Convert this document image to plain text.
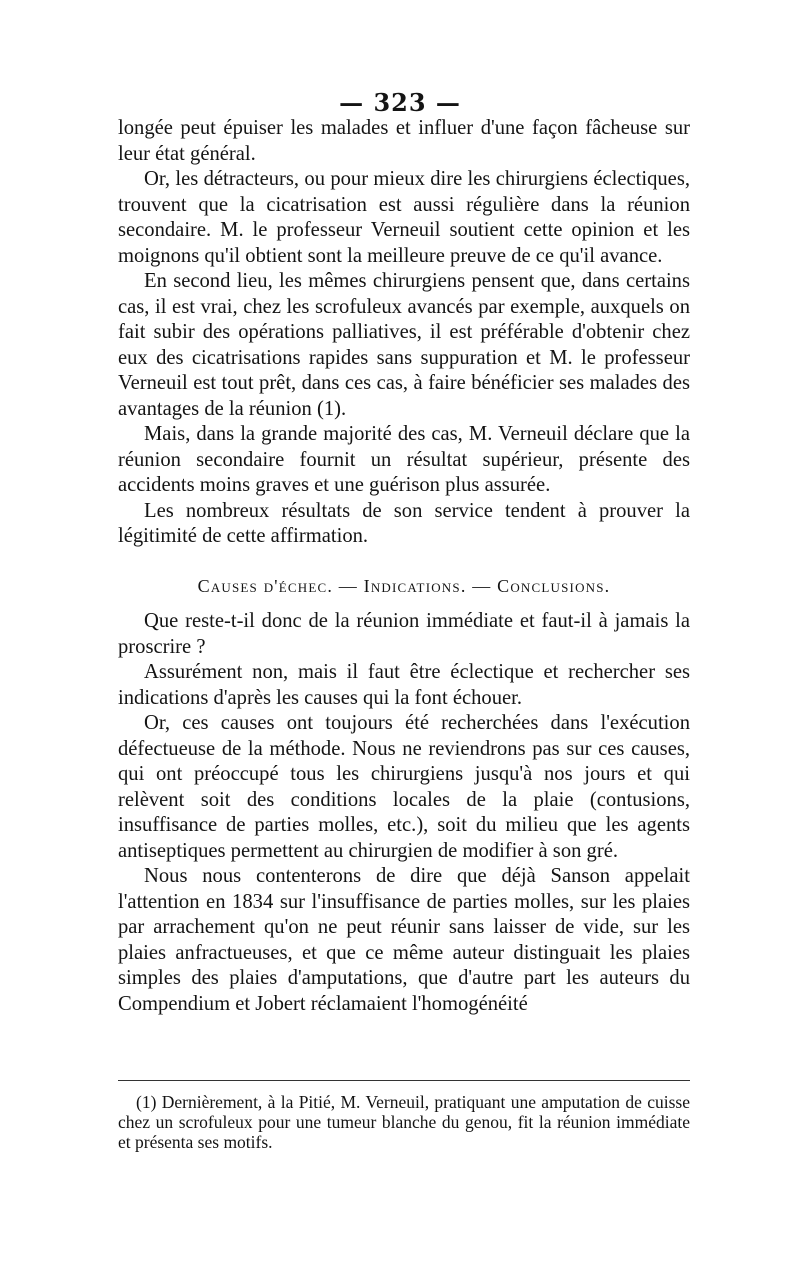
— 323 —

longée peut épuiser les malades et influer d'une façon fâcheuse sur leur état général.

Or, les détracteurs, ou pour mieux dire les chirurgiens éclectiques, trouvent que la cicatrisation est aussi régulière dans la réunion secondaire. M. le professeur Verneuil soutient cette opinion et les moignons qu'il obtient sont la meilleure preuve de ce qu'il avance.

En second lieu, les mêmes chirurgiens pensent que, dans certains cas, il est vrai, chez les scrofuleux avancés par exemple, auxquels on fait subir des opérations palliatives, il est préférable d'obtenir chez eux des cicatrisations rapides sans suppuration et M. le professeur Verneuil est tout prêt, dans ces cas, à faire bénéficier ses malades des avantages de la réunion (1).

Mais, dans la grande majorité des cas, M. Verneuil déclare que la réunion secondaire fournit un résultat supérieur, présente des accidents moins graves et une guérison plus assurée.

Les nombreux résultats de son service tendent à prouver la légitimité de cette affirmation.

Causes d'échec. — Indications. — Conclusions.

Que reste-t-il donc de la réunion immédiate et faut-il à jamais la proscrire ?

Assurément non, mais il faut être éclectique et rechercher ses indications d'après les causes qui la font échouer.

Or, ces causes ont toujours été recherchées dans l'exécution défectueuse de la méthode. Nous ne reviendrons pas sur ces causes, qui ont préoccupé tous les chirurgiens jusqu'à nos jours et qui relèvent soit des conditions locales de la plaie (contusions, insuffisance de parties molles, etc.), soit du milieu que les agents antiseptiques permettent au chirurgien de modifier à son gré.

Nous nous contenterons de dire que déjà Sanson appelait l'attention en 1834 sur l'insuffisance de parties molles, sur les plaies par arrachement qu'on ne peut réunir sans laisser de vide, sur les plaies anfractueuses, et que ce même auteur distinguait les plaies simples des plaies d'amputations, que d'autre part les auteurs du Compendium et Jobert réclamaient l'homogénéité

(1) Dernièrement, à la Pitié, M. Verneuil, pratiquant une amputation de cuisse chez un scrofuleux pour une tumeur blanche du genou, fit la réunion immédiate et présenta ses motifs.
